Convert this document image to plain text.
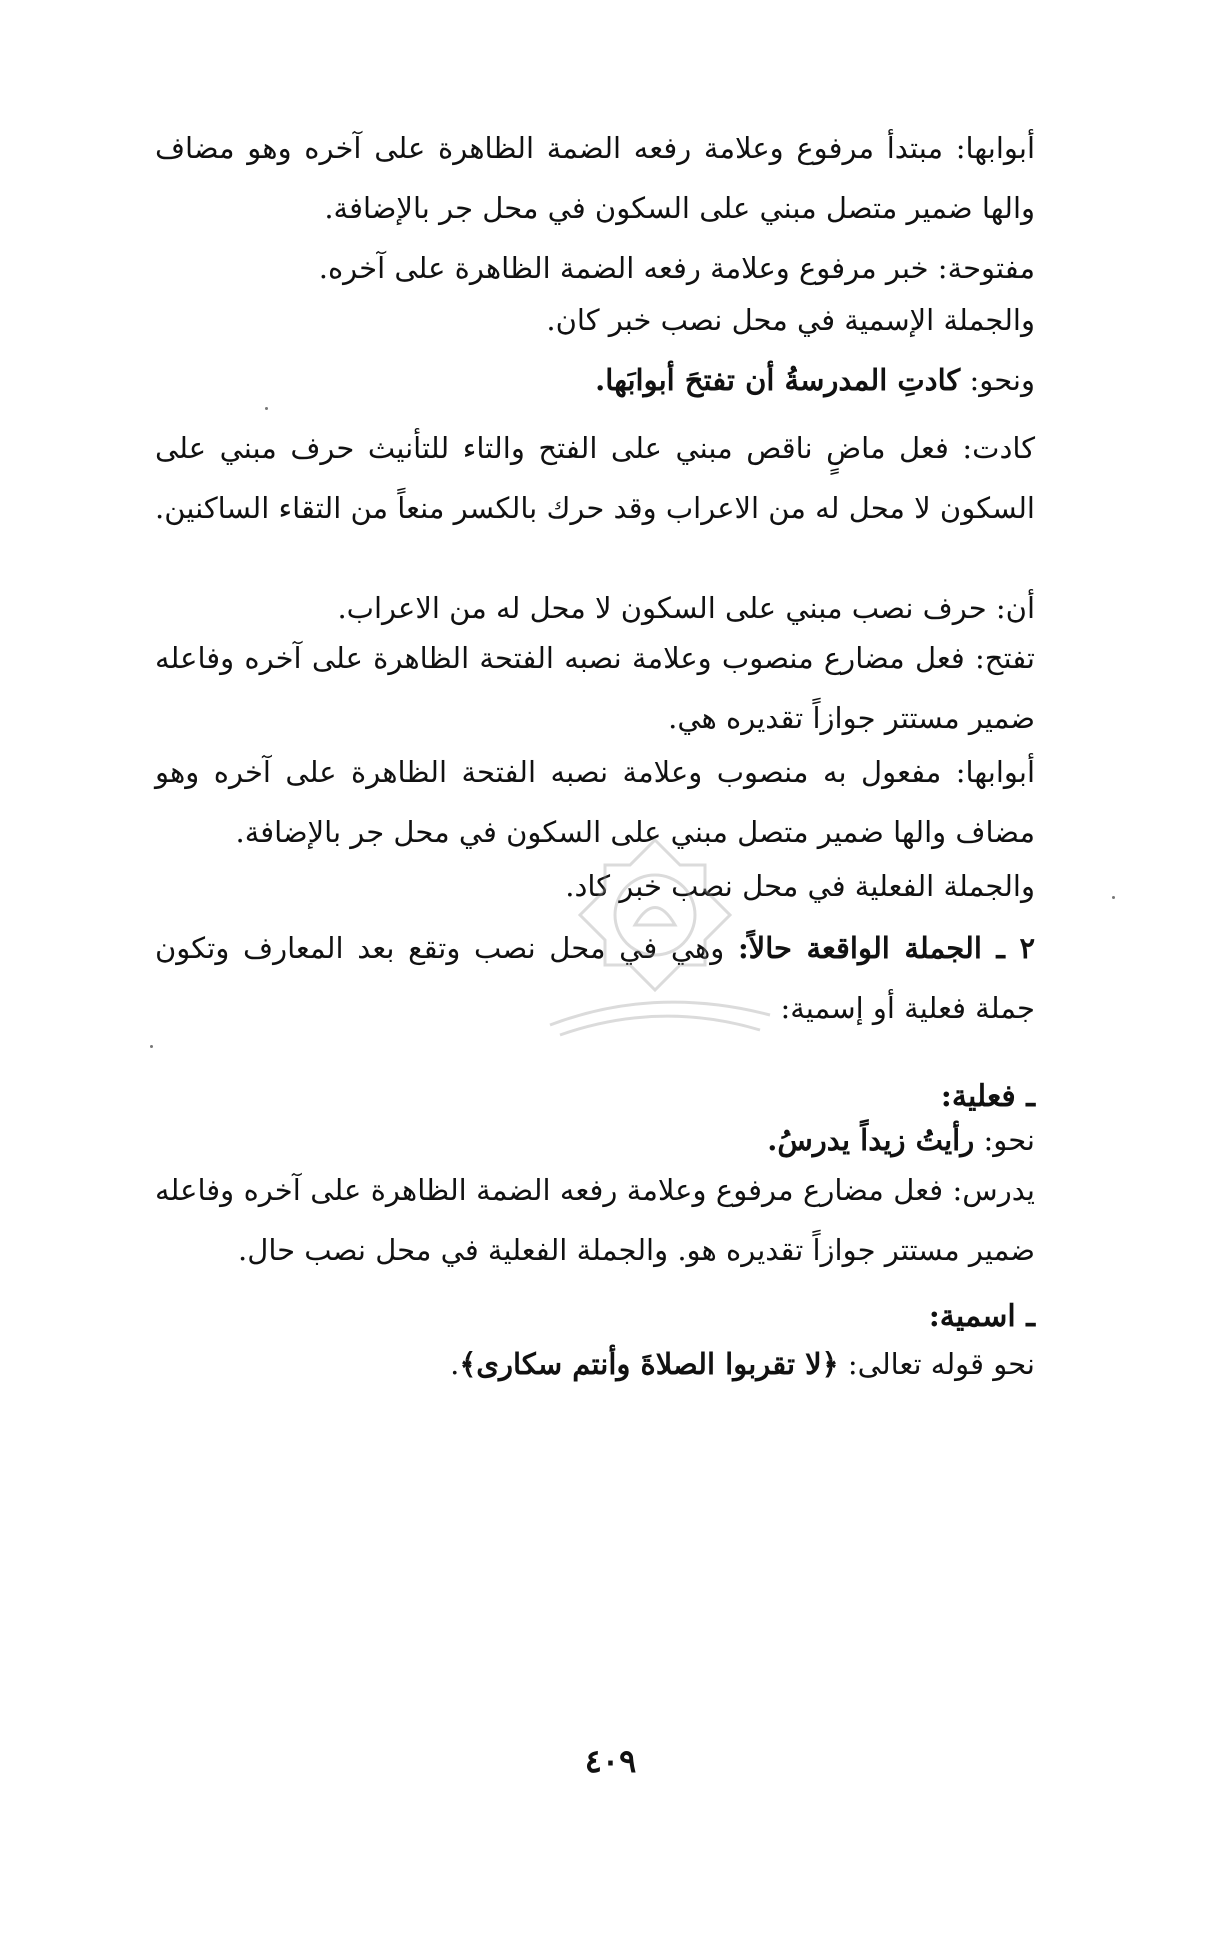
أبوابها: مبتدأ مرفوع وعلامة رفعه الضمة الظاهرة على آخره وهو مضاف والها ضمير متصل مبني على السكون في محل جر بالإضافة.

مفتوحة: خبر مرفوع وعلامة رفعه الضمة الظاهرة على آخره.

والجملة الإسمية في محل نصب خبر كان.

ونحو: كادتِ المدرسةُ أن تفتحَ أبوابَها.

كادت: فعل ماضٍ ناقص مبني على الفتح والتاء للتأنيث حرف مبني على السكون لا محل له من الاعراب وقد حرك بالكسر منعاً من التقاء الساكنين.

أن: حرف نصب مبني على السكون لا محل له من الاعراب.

تفتح: فعل مضارع منصوب وعلامة نصبه الفتحة الظاهرة على آخره وفاعله ضمير مستتر جوازاً تقديره هي.

أبوابها: مفعول به منصوب وعلامة نصبه الفتحة الظاهرة على آخره وهو مضاف والها ضمير متصل مبني على السكون في محل جر بالإضافة.

والجملة الفعلية في محل نصب خبر كاد.

٢ ـ الجملة الواقعة حالاً: وهي في محل نصب وتقع بعد المعارف وتكون جملة فعلية أو إسمية:

ـ فعلية:

نحو: رأيتُ زيداً يدرسُ.

يدرس: فعل مضارع مرفوع وعلامة رفعه الضمة الظاهرة على آخره وفاعله ضمير مستتر جوازاً تقديره هو. والجملة الفعلية في محل نصب حال.

ـ اسمية:

نحو قوله تعالى: ﴿لا تقربوا الصلاةَ وأنتم سكارى﴾.

٤٠٩
